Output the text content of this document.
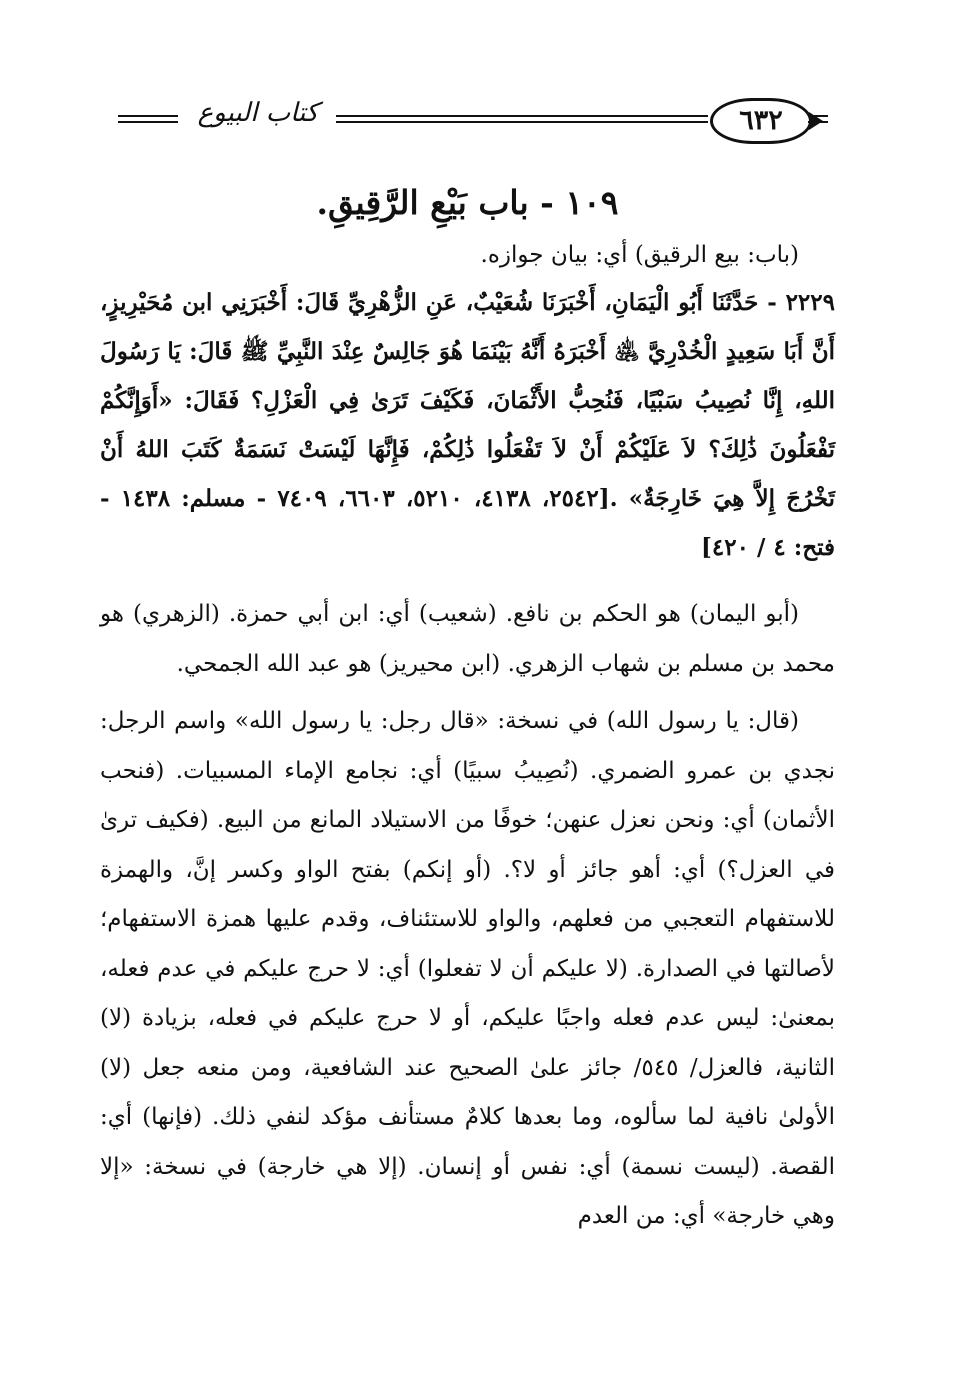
كتاب البيوع	٦٣٢
١٠٩ - باب بَيْعِ الرَّقِيقِ.

(باب: بيع الرقيق) أي: بيان جوازه.

٢٢٢٩ - حَدَّثَنَا أَبُو الْيَمَانِ، أَخْبَرَنَا شُعَيْبٌ، عَنِ الزُّهْرِيِّ قَالَ: أَخْبَرَنِي ابن مُحَيْرِيزٍ، أَنَّ أَبَا سَعِيدٍ الْخُدْرِيَّ ﵁ أَخْبَرَهُ أَنَّهُ بَيْنَمَا هُوَ جَالِسٌ عِنْدَ النَّبِيِّ ﷺ قَالَ: يَا رَسُولَ اللهِ، إِنَّا نُصِيبُ سَبْيًا، فَنُحِبُّ الأَثْمَانَ، فَكَيْفَ تَرَىٰ فِي الْعَزْلِ؟ فَقَالَ: «أَوَإِنَّكُمْ تَفْعَلُونَ ذَٰلِكَ؟ لاَ عَلَيْكُمْ أَنْ لاَ تَفْعَلُوا ذَٰلِكُمْ، فَإِنَّهَا لَيْسَتْ نَسَمَةٌ كَتَبَ اللهُ أَنْ تَخْرُجَ إِلاَّ هِيَ خَارِجَةٌ» .[٢٥٤٢، ٤١٣٨، ٥٢١٠، ٦٦٠٣، ٧٤٠٩ - مسلم: ١٤٣٨ - فتح: ٤ / ٤٢٠]

(أبو اليمان) هو الحكم بن نافع. (شعيب) أي: ابن أبي حمزة. (الزهري) هو محمد بن مسلم بن شهاب الزهري. (ابن محيريز) هو عبد الله الجمحي.

(قال: يا رسول الله) في نسخة: «قال رجل: يا رسول الله» واسم الرجل: نجدي بن عمرو الضمري. (نُصِيبُ سبيًا) أي: نجامع الإماء المسبيات. (فنحب الأثمان) أي: ونحن نعزل عنهن؛ خوفًا من الاستيلاد المانع من البيع. (فكيف ترىٰ في العزل؟) أي: أهو جائز أو لا؟. (أو إنكم) بفتح الواو وكسر إنَّ، والهمزة للاستفهام التعجبي من فعلهم، والواو للاستئناف، وقدم عليها همزة الاستفهام؛ لأصالتها في الصدارة. (لا عليكم أن لا تفعلوا) أي: لا حرج عليكم في عدم فعله، بمعنىٰ: ليس عدم فعله واجبًا عليكم، أو لا حرج عليكم في فعله، بزيادة (لا) الثانية، فالعزل/ ٥٤٥/ جائز علىٰ الصحيح عند الشافعية، ومن منعه جعل (لا) الأولىٰ نافية لما سألوه، وما بعدها كلامٌ مستأنف مؤكد لنفي ذلك. (فإنها) أي: القصة. (ليست نسمة) أي: نفس أو إنسان. (إلا هي خارجة) في نسخة: «إلا وهي خارجة» أي: من العدم
